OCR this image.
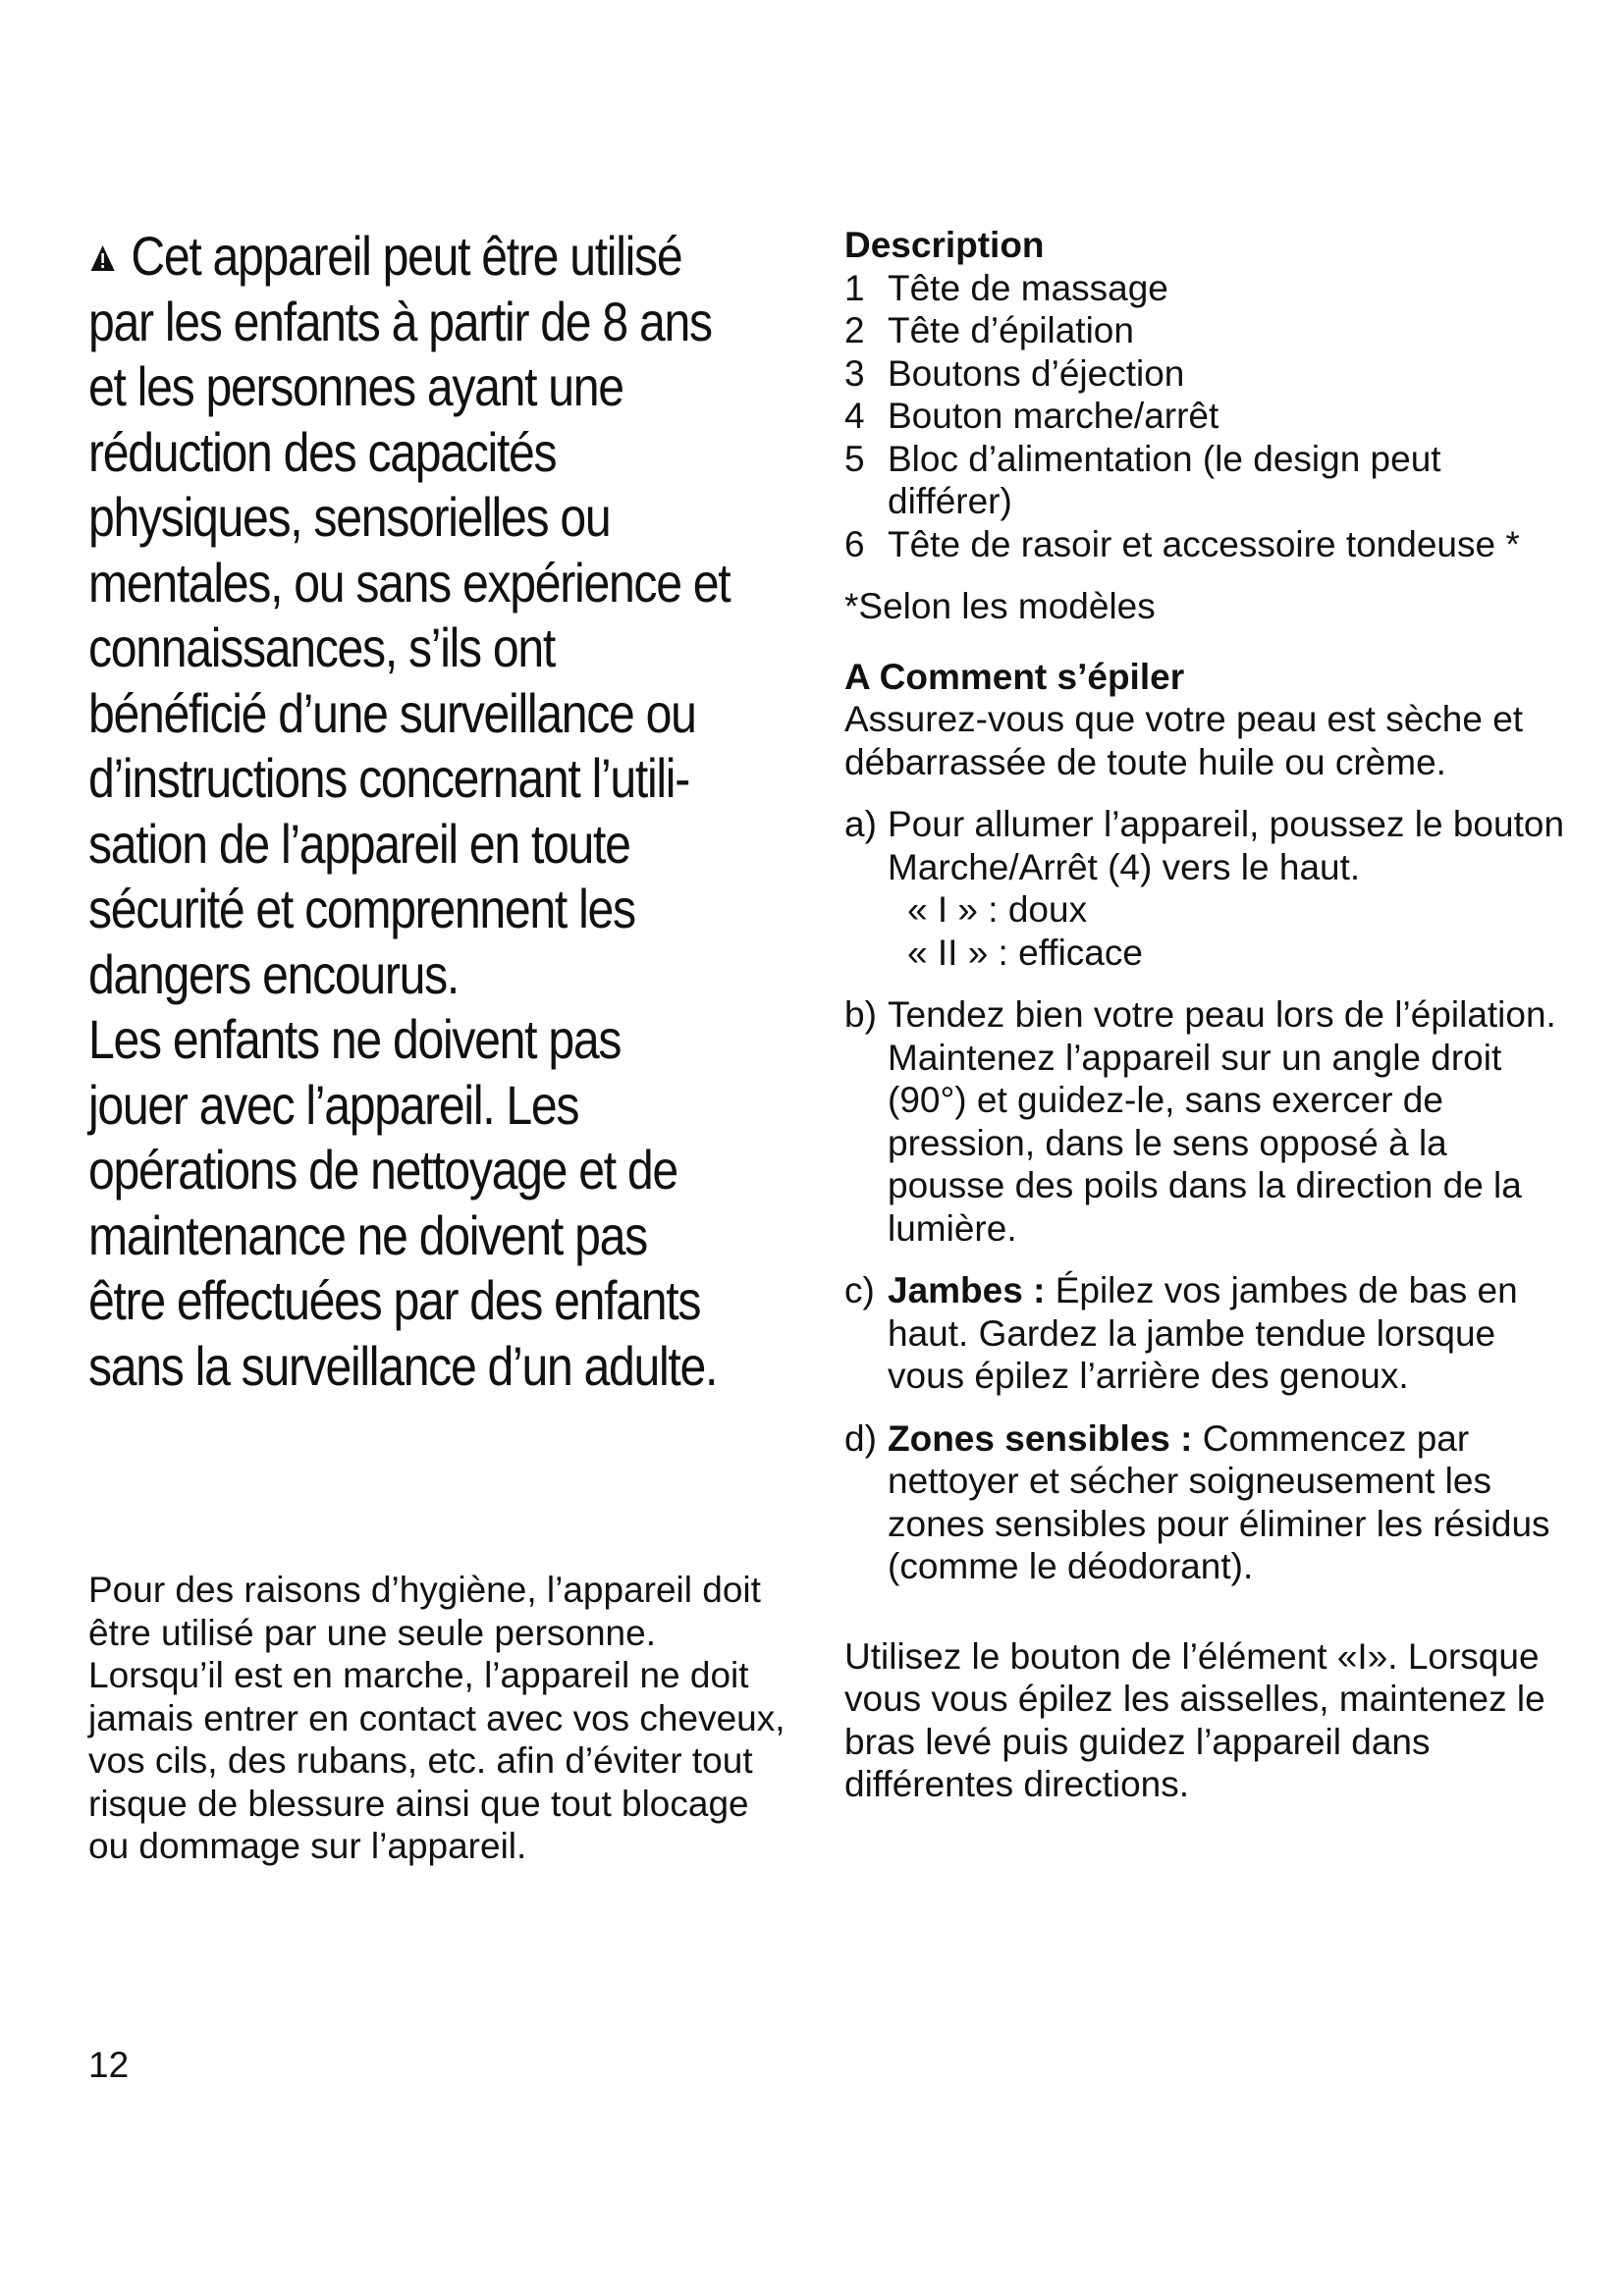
Cet appareil peut être utilisé par les enfants à partir de 8 ans et les personnes ayant une réduction des capacités physiques, sensorielles ou mentales, ou sans expérience et connaissances, s’ils ont bénéficié d’une surveillance ou d’instructions concernant l’utilisation de l’appareil en toute sécurité et comprennent les dangers encourus.

Les enfants ne doivent pas jouer avec l’appareil. Les opérations de nettoyage et de maintenance ne doivent pas être effectuées par des enfants sans la surveillance d’un adulte.

Pour des raisons d’hygiène, l’appareil doit être utilisé par une seule personne. Lorsqu’il est en marche, l’appareil ne doit jamais entrer en contact avec vos cheveux, vos cils, des rubans, etc. afin d’éviter tout risque de blessure ainsi que tout blocage ou dommage sur l’appareil.

Description
1 Tête de massage
2 Tête d’épilation
3 Boutons d’éjection
4 Bouton marche/arrêt
5 Bloc d’alimentation (le design peut différer)
6 Tête de rasoir et accessoire tondeuse *

*Selon les modèles

A Comment s’épiler

Assurez-vous que votre peau est sèche et débarrassée de toute huile ou crème.

a) Pour allumer l’appareil, poussez le bouton Marche/Arrêt (4) vers le haut.
« I » : doux
« II » : efficace
b) Tendez bien votre peau lors de l’épilation. Maintenez l’appareil sur un angle droit (90°) et guidez-le, sans exercer de pression, dans le sens opposé à la pousse des poils dans la direction de la lumière.
c) Jambes : Épilez vos jambes de bas en haut. Gardez la jambe tendue lorsque vous épilez l’arrière des genoux.
d) Zones sensibles : Commencez par nettoyer et sécher soigneusement les zones sensibles pour éliminer les résidus (comme le déodorant).

Utilisez le bouton de l’élément «I». Lorsque vous vous épilez les aisselles, maintenez le bras levé puis guidez l’appareil dans différentes directions.

12
